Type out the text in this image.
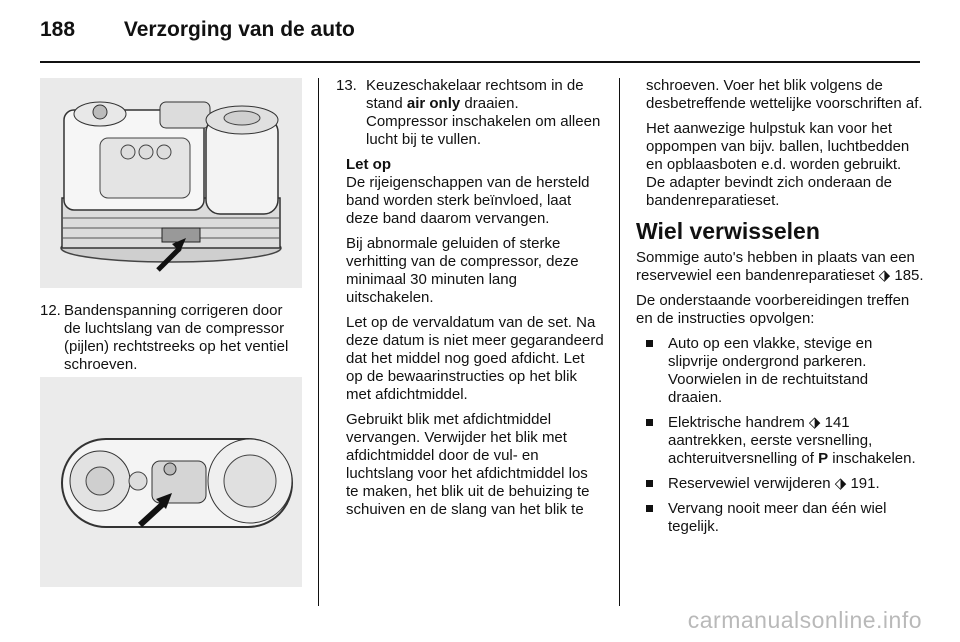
188 Verzorging van de auto
12. Bandenspanning corrigeren door de luchtslang van de compressor (pijlen) rechtstreeks op het ventiel schroeven.
13. Keuzeschakelaar rechtsom in de stand air only draaien. Compressor inschakelen om alleen lucht bij te vullen.

Let op

De rijeigenschappen van de hersteld band worden sterk beïnvloed, laat deze band daarom vervangen.

Bij abnormale geluiden of sterke verhitting van de compressor, deze minimaal 30 minuten lang uitschakelen.

Let op de vervaldatum van de set. Na deze datum is niet meer gegarandeerd dat het middel nog goed afdicht. Let op de bewaarinstructies op het blik met afdichtmiddel.

Gebruikt blik met afdichtmiddel vervangen. Verwijder het blik met afdichtmiddel door de vul- en luchtslang voor het afdichtmiddel los te maken, het blik uit de behuizing te schuiven en de slang van het blik te

schroeven. Voer het blik volgens de desbetreffende wettelijke voorschriften af.

Het aanwezige hulpstuk kan voor het oppompen van bijv. ballen, luchtbedden en opblaasboten e.d. worden gebruikt. De adapter bevindt zich onderaan de bandenreparatieset.

Wiel verwisselen

Sommige auto's hebben in plaats van een reservewiel een bandenreparatieset ⬗ 185.

De onderstaande voorbereidingen treffen en de instructies opvolgen:

Auto op een vlakke, stevige en slipvrije ondergrond parkeren. Voorwielen in de rechtuitstand draaien.
Elektrische handrem ⬗ 141 aantrekken, eerste versnelling, achteruitversnelling of P inschakelen.
Reservewiel verwijderen ⬗ 191.
Vervang nooit meer dan één wiel tegelijk.
carmanualsonline.info
